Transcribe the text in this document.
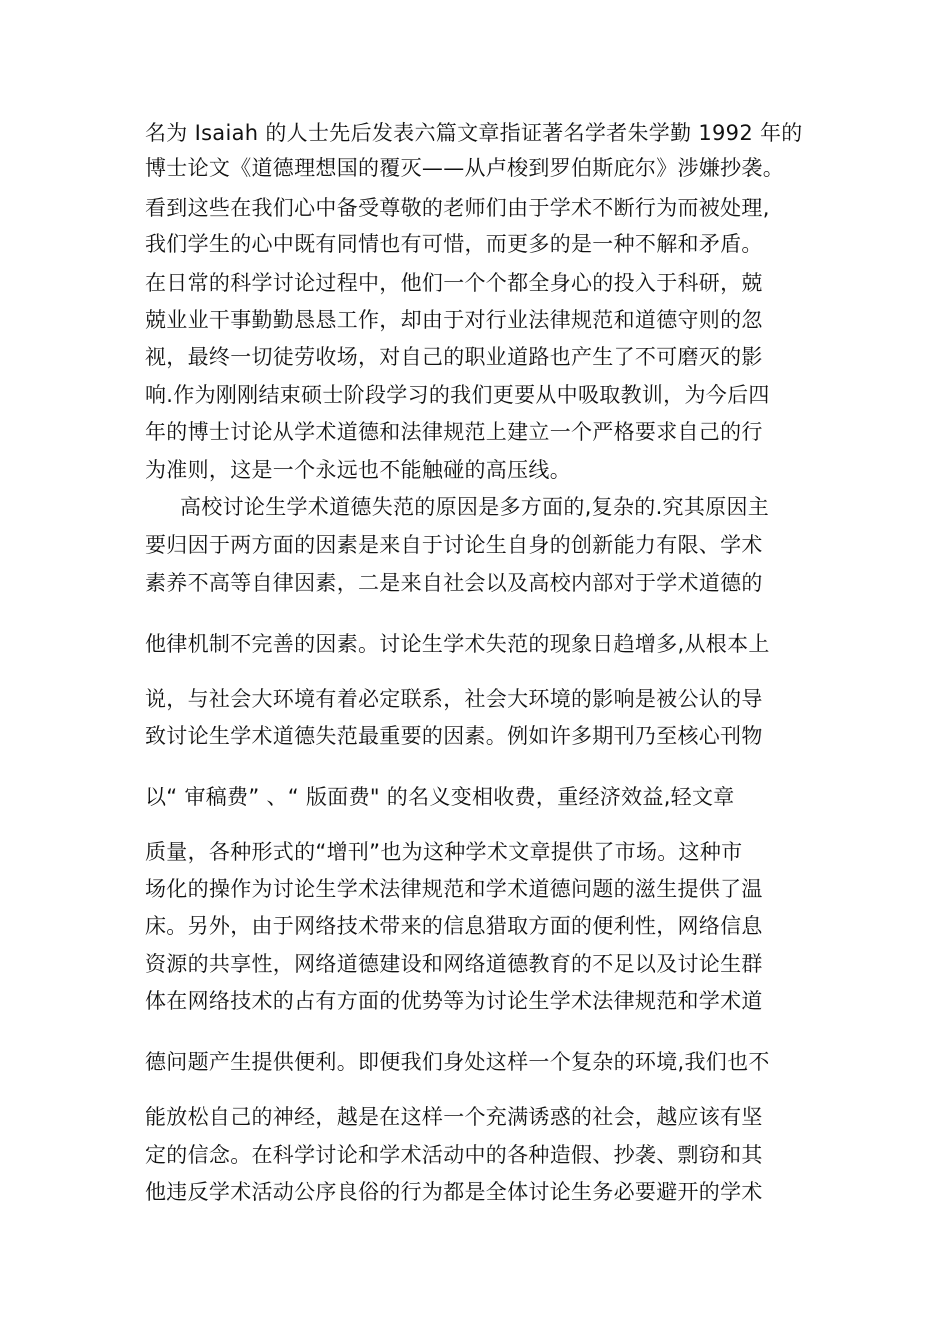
名为 Isaiah 的人士先后发表六篇文章指证著名学者朱学勤 1992 年的
博士论文《道德理想国的覆灭——从卢梭到罗伯斯庇尔》涉嫌抄袭。
看到这些在我们心中备受尊敬的老师们由于学术不断行为而被处理,
我们学生的心中既有同情也有可惜，而更多的是一种不解和矛盾。
在日常的科学讨论过程中，他们一个个都全身心的投入于科研，兢
兢业业干事勤勤恳恳工作，却由于对行业法律规范和道德守则的忽
视，最终一切徒劳收场，对自己的职业道路也产生了不可磨灭的影
响.作为刚刚结束硕士阶段学习的我们更要从中吸取教训，为今后四
年的博士讨论从学术道德和法律规范上建立一个严格要求自己的行
为准则，这是一个永远也不能触碰的高压线。
高校讨论生学术道德失范的原因是多方面的,复杂的.究其原因主
要归因于两方面的因素是来自于讨论生自身的创新能力有限、学术
素养不高等自律因素，二是来自社会以及高校内部对于学术道德的
他律机制不完善的因素。讨论生学术失范的现象日趋增多,从根本上
说，与社会大环境有着必定联系，社会大环境的影响是被公认的导
致讨论生学术道德失范最重要的因素。例如许多期刊乃至核心刊物
以“ 审稿费” 、“ 版面费" 的名义变相收费，重经济效益,轻文章
质量，各种形式的“增刊”也为这种学术文章提供了市场。这种市
场化的操作为讨论生学术法律规范和学术道德问题的滋生提供了温
床。另外，由于网络技术带来的信息猎取方面的便利性，网络信息
资源的共享性，网络道德建设和网络道德教育的不足以及讨论生群
体在网络技术的占有方面的优势等为讨论生学术法律规范和学术道
德问题产生提供便利。即便我们身处这样一个复杂的环境,我们也不
能放松自己的神经，越是在这样一个充满诱惑的社会，越应该有坚
定的信念。在科学讨论和学术活动中的各种造假、抄袭、剽窃和其
他违反学术活动公序良俗的行为都是全体讨论生务必要避开的学术
